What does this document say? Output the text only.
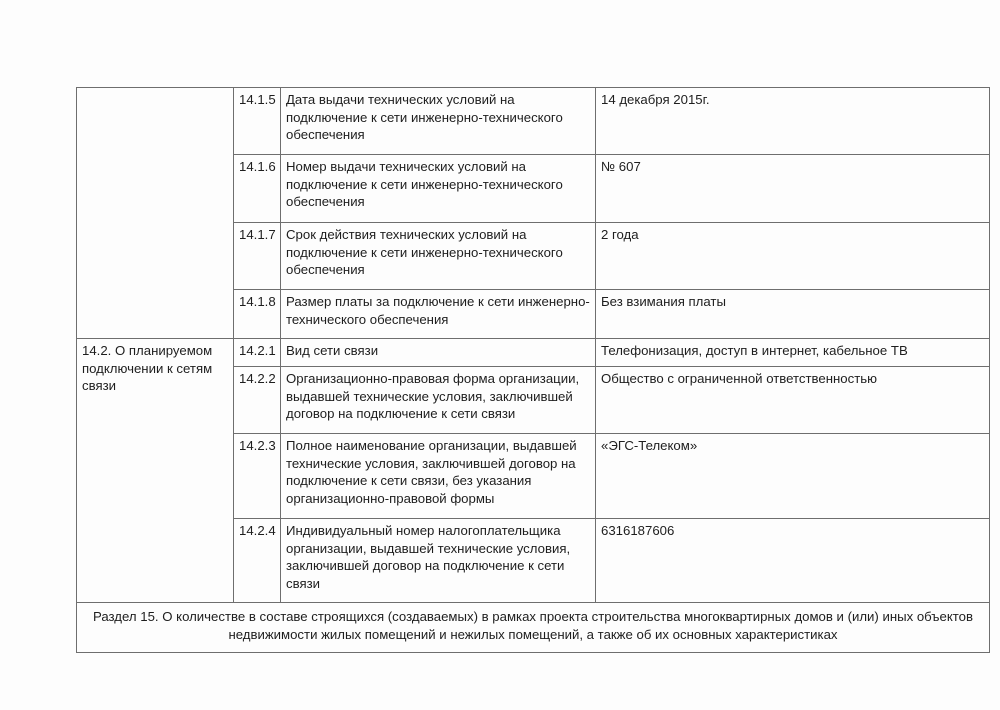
	14.1.5	Дата выдачи технических условий на подключение к сети инженерно-технического обеспечения	14 декабря 2015г.
	14.1.6	Номер выдачи технических условий на подключение к сети инженерно-технического обеспечения	№ 607
	14.1.7	Срок действия технических условий на подключение к сети инженерно-технического обеспечения	2 года
	14.1.8	Размер платы за подключение к сети инженерно-технического обеспечения	Без взимания платы
14.2. О планируемом подключении к сетям связи	14.2.1	Вид сети связи	Телефонизация, доступ в интернет, кабельное ТВ
	14.2.2	Организационно-правовая форма организации, выдавшей технические условия, заключившей договор на подключение к сети связи	Общество с ограниченной ответственностью
	14.2.3	Полное наименование организации, выдавшей технические условия, заключившей договор на подключение к сети связи, без указания организационно-правовой формы	«ЭГС-Телеком»
	14.2.4	Индивидуальный номер налогоплательщика организации, выдавшей технические условия, заключившей договор на подключение к сети связи	6316187606
Раздел 15. О количестве в составе строящихся (создаваемых) в рамках проекта строительства многоквартирных домов и (или) иных объектов недвижимости жилых помещений и нежилых помещений, а также об их основных характеристиках			
